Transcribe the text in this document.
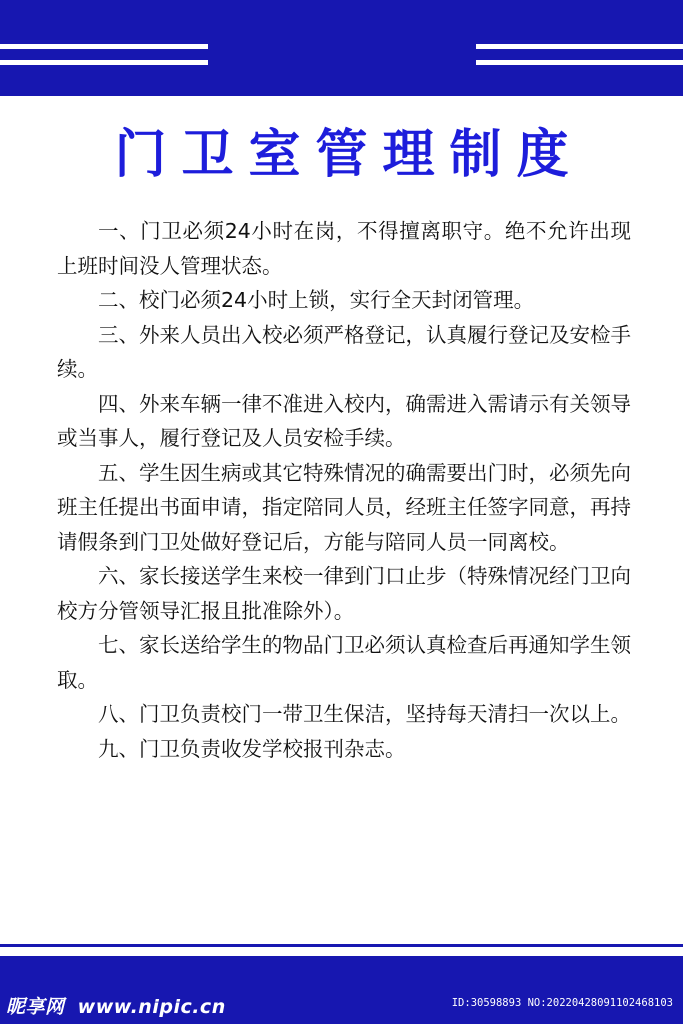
门卫室管理制度

一、门卫必须24小时在岗，不得擅离职守。绝不允许出现上班时间没人管理状态。

二、校门必须24小时上锁，实行全天封闭管理。

三、外来人员出入校必须严格登记，认真履行登记及安检手续。

四、外来车辆一律不准进入校内，确需进入需请示有关领导或当事人，履行登记及人员安检手续。

五、学生因生病或其它特殊情况的确需要出门时，必须先向班主任提出书面申请，指定陪同人员，经班主任签字同意，再持请假条到门卫处做好登记后，方能与陪同人员一同离校。

六、家长接送学生来校一律到门口止步（特殊情况经门卫向校方分管领导汇报且批准除外）。

七、家长送给学生的物品门卫必须认真检查后再通知学生领取。

八、门卫负责校门一带卫生保洁，坚持每天清扫一次以上。

九、门卫负责收发学校报刊杂志。

昵享网 www.nipic.cn	ID:30598893 NO:20220428091102468103
